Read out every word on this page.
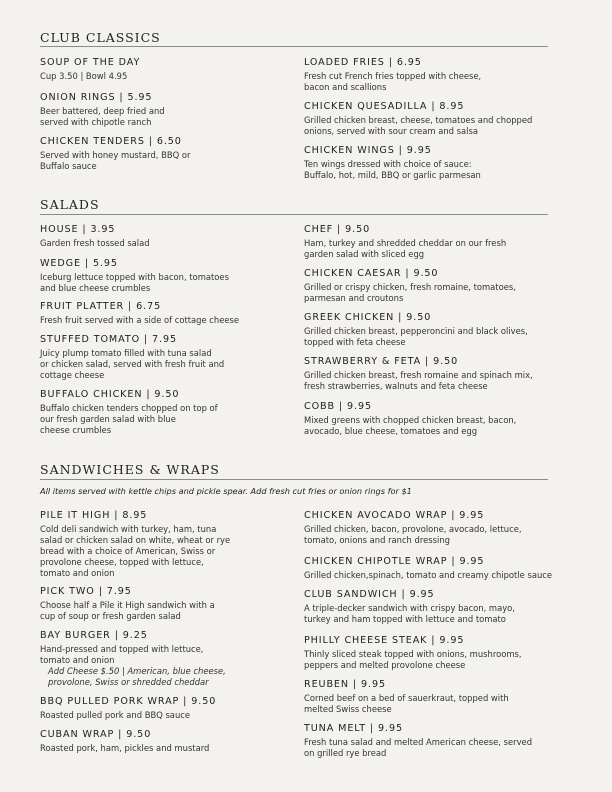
CLUB CLASSICS
SOUP OF THE DAY
Cup 3.50 | Bowl 4.95
ONION RINGS | 5.95
Beer battered, deep fried and
served with chipotle ranch
CHICKEN TENDERS | 6.50
Served with honey mustard, BBQ or
Buffalo sauce
LOADED FRIES | 6.95
Fresh cut French fries topped with cheese,
bacon and scallions
CHICKEN QUESADILLA | 8.95
Grilled chicken breast, cheese, tomatoes and chopped
onions, served with sour cream and salsa
CHICKEN WINGS | 9.95
Ten wings dressed with choice of sauce:
Buffalo, hot, mild, BBQ or garlic parmesan
SALADS
HOUSE | 3.95
Garden fresh tossed salad
WEDGE | 5.95
Iceburg lettuce topped with bacon, tomatoes
and blue cheese crumbles
FRUIT PLATTER | 6.75
Fresh fruit served with a side of cottage cheese
STUFFED TOMATO | 7.95
Juicy plump tomato filled with tuna salad
or chicken salad, served with fresh fruit and
cottage cheese
BUFFALO CHICKEN | 9.50
Buffalo chicken tenders chopped on top of
our fresh garden salad with blue
cheese crumbles
CHEF | 9.50
Ham, turkey and shredded cheddar on our fresh
garden salad with sliced egg
CHICKEN CAESAR | 9.50
Grilled or crispy chicken, fresh romaine, tomatoes,
parmesan and croutons
GREEK CHICKEN | 9.50
Grilled chicken breast, pepperoncini and black olives,
topped with feta cheese
STRAWBERRY & FETA | 9.50
Grilled chicken breast, fresh romaine and spinach mix,
fresh strawberries, walnuts and feta cheese
COBB | 9.95
Mixed greens with chopped chicken breast, bacon,
avocado, blue cheese, tomatoes and egg
SANDWICHES & WRAPS
All items served with kettle chips and pickle spear. Add fresh cut fries or onion rings for $1
PILE IT HIGH | 8.95
Cold deli sandwich with turkey, ham, tuna
salad or chicken salad on white, wheat or rye
bread with a choice of American, Swiss or
provolone cheese, topped with lettuce,
tomato and onion
PICK TWO | 7.95
Choose half a Pile it High sandwich with a
cup of soup or fresh garden salad
BAY BURGER | 9.25
Hand-pressed and topped with lettuce,
tomato and onion
Add Cheese $.50 | American, blue cheese,
provolone, Swiss or shredded cheddar
BBQ PULLED PORK WRAP | 9.50
Roasted pulled pork and BBQ sauce
CUBAN WRAP | 9.50
Roasted pork, ham, pickles and mustard
CHICKEN AVOCADO WRAP | 9.95
Grilled chicken, bacon, provolone, avocado, lettuce,
tomato, onions and ranch dressing
CHICKEN CHIPOTLE WRAP | 9.95
Grilled chicken,spinach, tomato and creamy chipotle sauce
CLUB SANDWICH | 9.95
A triple-decker sandwich with crispy bacon, mayo,
turkey and ham topped with lettuce and tomato
PHILLY CHEESE STEAK | 9.95
Thinly sliced steak topped with onions, mushrooms,
peppers and melted provolone cheese
REUBEN | 9.95
Corned beef on a bed of sauerkraut, topped with
melted Swiss cheese
TUNA MELT | 9.95
Fresh tuna salad and melted American cheese, served
on grilled rye bread
